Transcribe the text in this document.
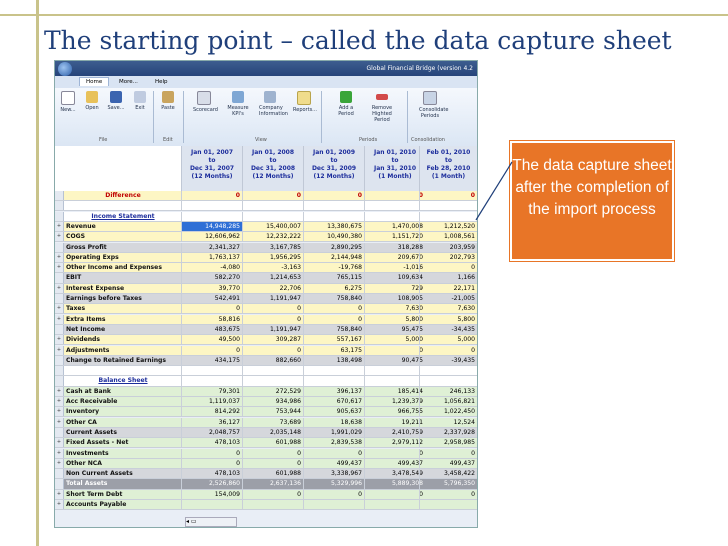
The starting point – called the data capture sheet
Global Financial Bridge (version 4.2
Home	More...	Help
New...	Open	Save...	Exit	Paste	Scorecard Measure KPI's
Company Information
Reports...	Add a Period
Remove Highted Period
Consolidate Periods
File	Edit	View	Periods	Consolidation
Jan 01, 2007
to
Dec 31, 2007
(12 Months)
Jan 01, 2008
to
Dec 31, 2008
(12 Months)
Jan 01, 2009
to
Dec 31, 2009
(12 Months)
Jan 01, 2010
to
Jan 31, 2010
(1 Month)
Feb 01, 2010
to
Feb 28, 2010
(1 Month)
Difference	0	0	0	0	0
Income Statement
+ Revenue	14,948,285	15,400,007	13,380,675	1,470,008	1,212,520
+ COGS	12,606,962	12,232,222	10,490,380	1,151,720	1,008,561
Gross Profit	2,341,327	3,167,785	2,890,295	318,288	203,959
+ Operating Exps	1,763,137	1,956,295	2,144,948	209,670	202,793
+ Other Income and Expenses	-4,080	-3,163	-19,768	-1,016	0
EBIT	582,270	1,214,653	765,115	109,634	1,166
+ Interest Expense	39,770	22,706	6,275	729	22,171
Earnings before Taxes	542,491	1,191,947	758,840	108,905	-21,005
+ Taxes	0	0	0	7,630	7,630
+ Extra Items	58,816	0	0	5,800	5,800
Net Income	483,675	1,191,947	758,840	95,475	-34,435
+ Dividends	49,500	309,287	557,167	5,000	5,000
+ Adjustments	0	0	63,175	0	0
Change to Retained Earnings	434,175	882,660	138,498	90,475	-39,435
Balance Sheet
+ Cash at Bank	79,301	272,529	396,137	185,414	246,133
+ Acc Receivable	1,119,037	934,986	670,617	1,239,379	1,056,821
+ Inventory	814,292	753,944	905,637	966,755	1,022,450
+ Other CA	36,127	73,689	18,638	19,211	12,524
Current Assets	2,048,757	2,035,148	1,991,029	2,410,759	2,337,928
+ Fixed Assets - Net	478,103	601,988	2,839,538	2,979,112	2,958,985
+ Investments	0	0	0	0	0
+ Other NCA	0	0	499,437	499,437	499,437
Non Current Assets	478,103	601,988	3,338,967	3,478,549	3,458,422
Total Assets	2,526,860	2,637,136	5,329,996	5,889,308	5,796,350
+ Short Term Debt	154,009	0	0	0	0
+ Accounts Payable
◂ ▭
The data capture sheet after the completion of the import process
